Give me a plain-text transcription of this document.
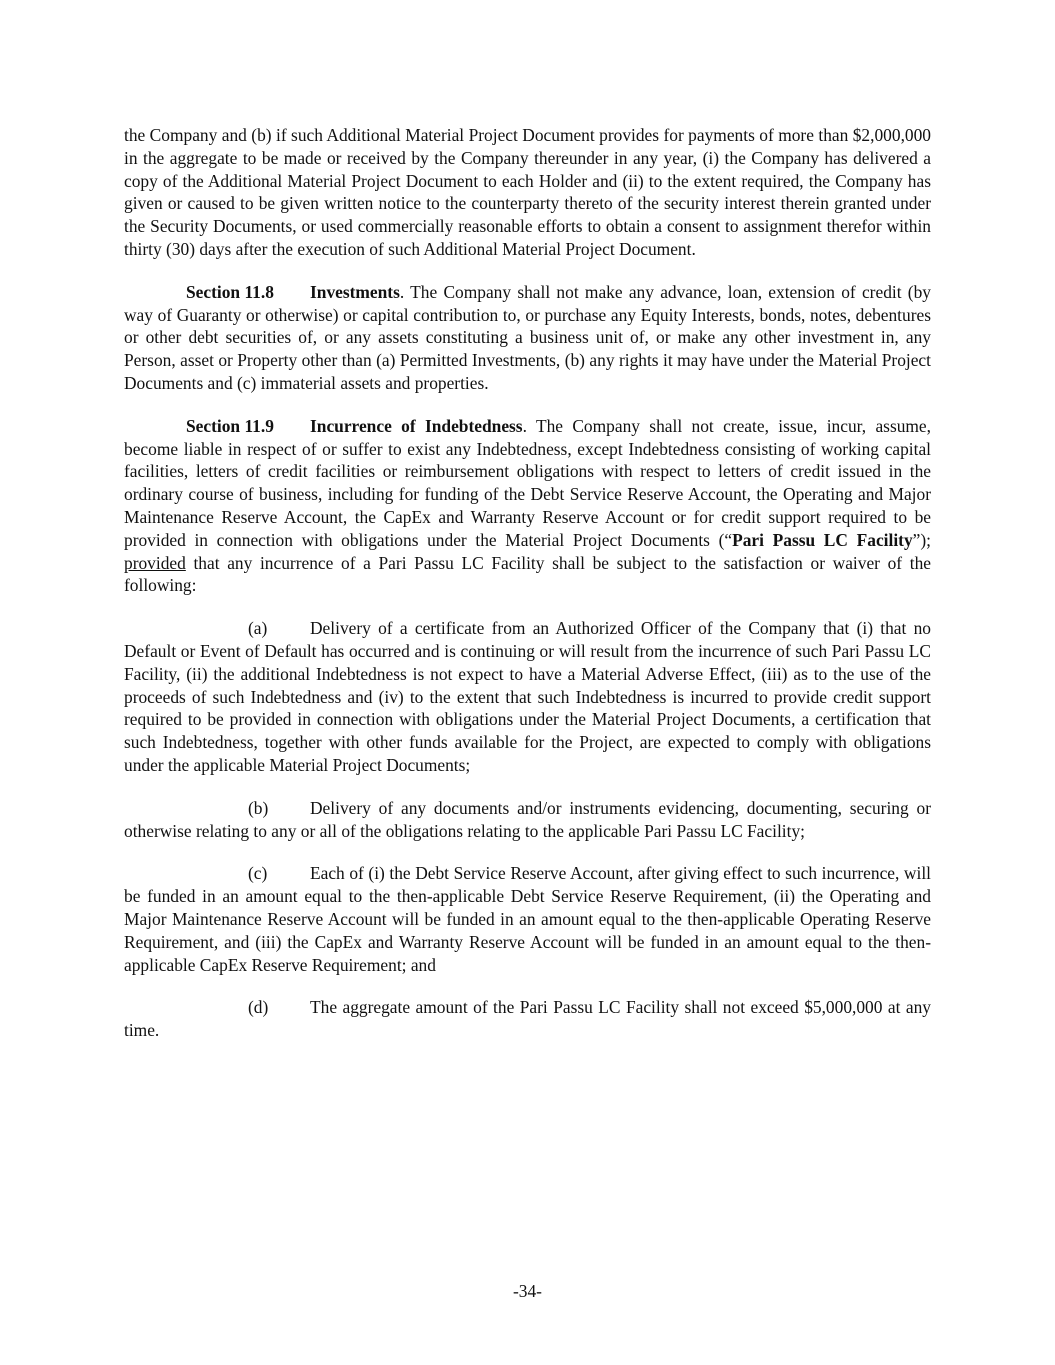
the Company and (b) if such Additional Material Project Document provides for payments of more than $2,000,000 in the aggregate to be made or received by the Company thereunder in any year, (i) the Company has delivered a copy of the Additional Material Project Document to each Holder and (ii) to the extent required, the Company has given or caused to be given written notice to the counterparty thereto of the security interest therein granted under the Security Documents, or used commercially reasonable efforts to obtain a consent to assignment therefor within thirty (30) days after the execution of such Additional Material Project Document.

Section 11.8 Investments. The Company shall not make any advance, loan, extension of credit (by way of Guaranty or otherwise) or capital contribution to, or purchase any Equity Interests, bonds, notes, debentures or other debt securities of, or any assets constituting a business unit of, or make any other investment in, any Person, asset or Property other than (a) Permitted Investments, (b) any rights it may have under the Material Project Documents and (c) immaterial assets and properties.

Section 11.9 Incurrence of Indebtedness. The Company shall not create, issue, incur, assume, become liable in respect of or suffer to exist any Indebtedness, except Indebtedness consisting of working capital facilities, letters of credit facilities or reimbursement obligations with respect to letters of credit issued in the ordinary course of business, including for funding of the Debt Service Reserve Account, the Operating and Major Maintenance Reserve Account, the CapEx and Warranty Reserve Account or for credit support required to be provided in connection with obligations under the Material Project Documents (“Pari Passu LC Facility”); provided that any incurrence of a Pari Passu LC Facility shall be subject to the satisfaction or waiver of the following:

(a) Delivery of a certificate from an Authorized Officer of the Company that (i) that no Default or Event of Default has occurred and is continuing or will result from the incurrence of such Pari Passu LC Facility, (ii) the additional Indebtedness is not expect to have a Material Adverse Effect, (iii) as to the use of the proceeds of such Indebtedness and (iv) to the extent that such Indebtedness is incurred to provide credit support required to be provided in connection with obligations under the Material Project Documents, a certification that such Indebtedness, together with other funds available for the Project, are expected to comply with obligations under the applicable Material Project Documents;

(b) Delivery of any documents and/or instruments evidencing, documenting, securing or otherwise relating to any or all of the obligations relating to the applicable Pari Passu LC Facility;

(c) Each of (i) the Debt Service Reserve Account, after giving effect to such incurrence, will be funded in an amount equal to the then-applicable Debt Service Reserve Requirement, (ii) the Operating and Major Maintenance Reserve Account will be funded in an amount equal to the then-applicable Operating Reserve Requirement, and (iii) the CapEx and Warranty Reserve Account will be funded in an amount equal to the then-applicable CapEx Reserve Requirement; and

(d) The aggregate amount of the Pari Passu LC Facility shall not exceed $5,000,000 at any time.

-34-
